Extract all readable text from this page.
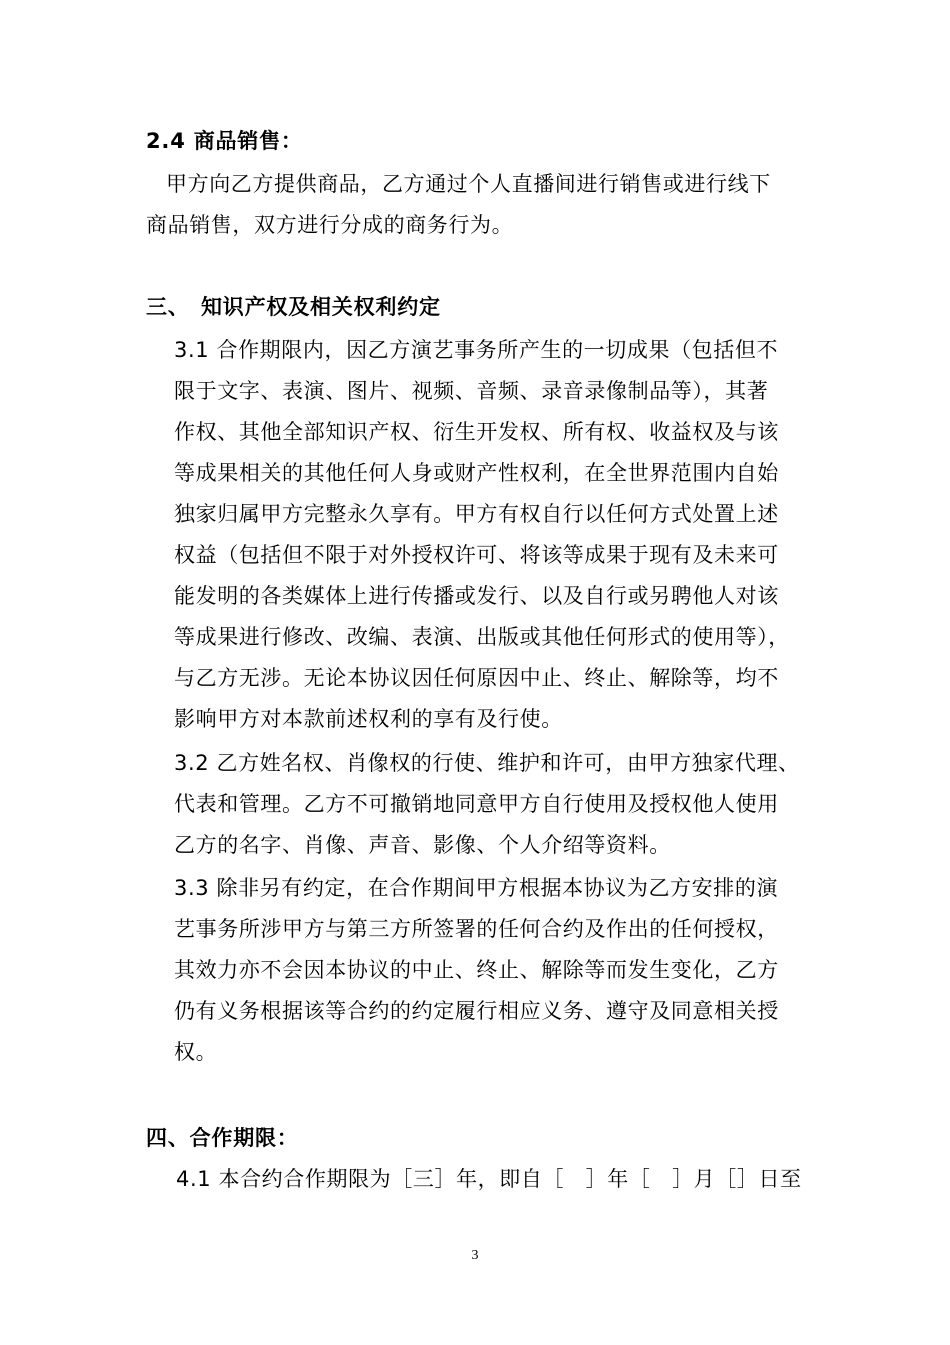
2.4 商品销售：
甲方向乙方提供商品，乙方通过个人直播间进行销售或进行线下
商品销售，双方进行分成的商务行为。
三、 知识产权及相关权利约定
3.1 合作期限内，因乙方演艺事务所产生的一切成果（包括但不
限于文字、表演、图片、视频、音频、录音录像制品等），其著
作权、其他全部知识产权、衍生开发权、所有权、收益权及与该
等成果相关的其他任何人身或财产性权利，在全世界范围内自始
独家归属甲方完整永久享有。甲方有权自行以任何方式处置上述
权益（包括但不限于对外授权许可、将该等成果于现有及未来可
能发明的各类媒体上进行传播或发行、以及自行或另聘他人对该
等成果进行修改、改编、表演、出版或其他任何形式的使用等），
与乙方无涉。无论本协议因任何原因中止、终止、解除等，均不
影响甲方对本款前述权利的享有及行使。
3.2 乙方姓名权、肖像权的行使、维护和许可，由甲方独家代理、
代表和管理。乙方不可撤销地同意甲方自行使用及授权他人使用
乙方的名字、肖像、声音、影像、个人介绍等资料。
3.3 除非另有约定，在合作期间甲方根据本协议为乙方安排的演
艺事务所涉甲方与第三方所签署的任何合约及作出的任何授权，
其效力亦不会因本协议的中止、终止、解除等而发生变化，乙方
仍有义务根据该等合约的约定履行相应义务、遵守及同意相关授
权。
四、合作期限：
4.1 本合约合作期限为［三］年，即自［　］年［　］月［］日至
3
